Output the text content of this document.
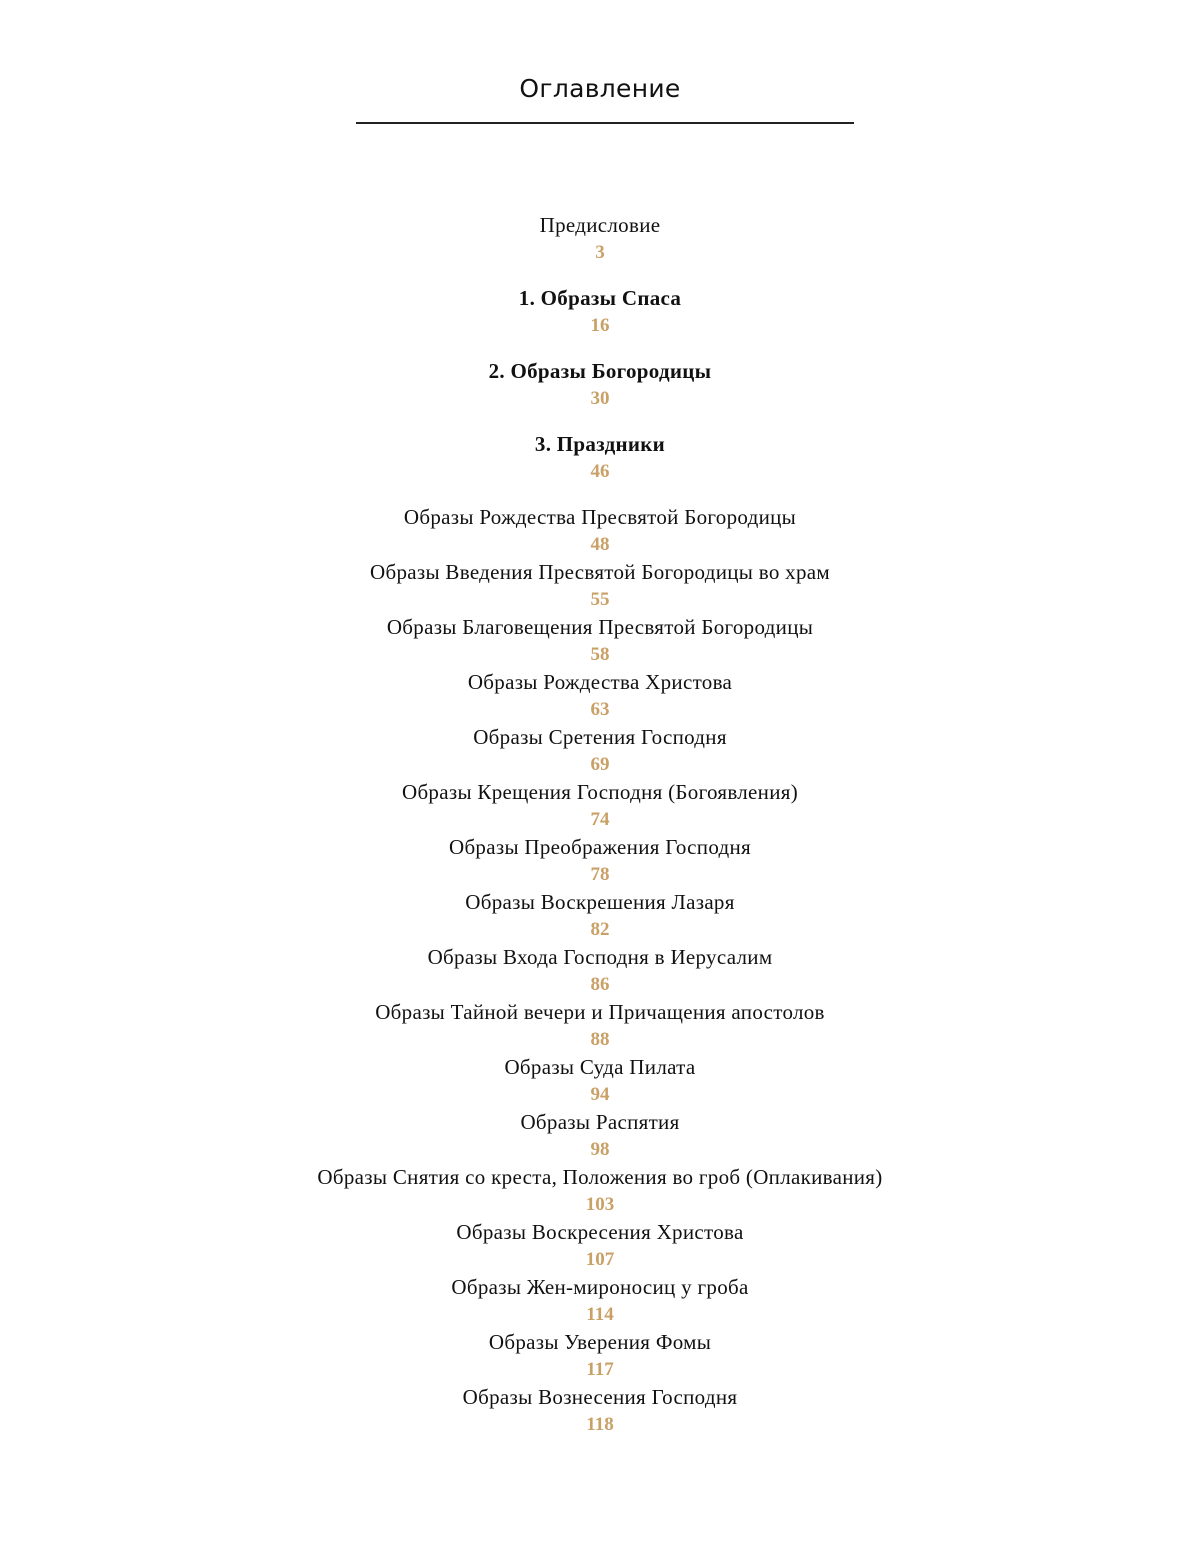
Оглавление
Предисловие
3
1. Образы Спаса
16
2. Образы Богородицы
30
3. Праздники
46
Образы Рождества Пресвятой Богородицы
48
Образы Введения Пресвятой Богородицы во храм
55
Образы Благовещения Пресвятой Богородицы
58
Образы Рождества Христова
63
Образы Сретения Господня
69
Образы Крещения Господня (Богоявления)
74
Образы Преображения Господня
78
Образы Воскрешения Лазаря
82
Образы Входа Господня в Иерусалим
86
Образы Тайной вечери и Причащения апостолов
88
Образы Суда Пилата
94
Образы Распятия
98
Образы Снятия со креста, Положения во гроб (Оплакивания)
103
Образы Воскресения Христова
107
Образы Жен-мироносиц у гроба
114
Образы Уверения Фомы
117
Образы Вознесения Господня
118
